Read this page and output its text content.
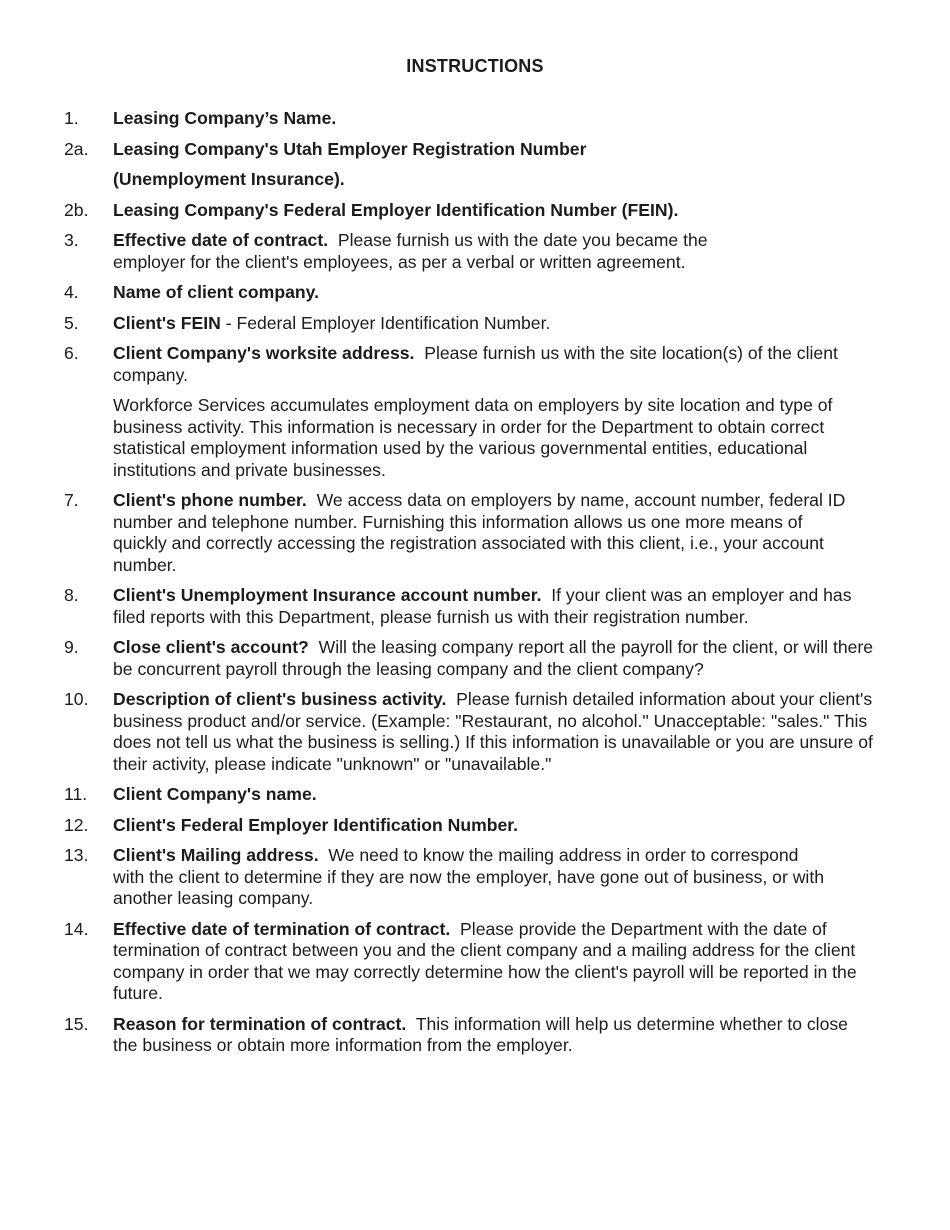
INSTRUCTIONS
1.	Leasing Company’s Name.
2a.	Leasing Company's Utah Employer Registration Number
(Unemployment Insurance).
2b.	Leasing Company's Federal Employer Identification Number (FEIN).
3.	Effective date of contract. Please furnish us with the date you became the employer for the client's employees, as per a verbal or written agreement.
4.	Name of client company.
5.	Client's FEIN - Federal Employer Identification Number.
6.	Client Company's worksite address. Please furnish us with the site location(s) of the client company.
Workforce Services accumulates employment data on employers by site location and type of business activity. This information is necessary in order for the Department to obtain correct statistical employment information used by the various governmental entities, educational institutions and private businesses.
7.	Client's phone number. We access data on employers by name, account number, federal ID number and telephone number. Furnishing this information allows us one more means of quickly and correctly accessing the registration associated with this client, i.e., your account number.
8.	Client's Unemployment Insurance account number. If your client was an employer and has filed reports with this Department, please furnish us with their registration number.
9.	Close client's account? Will the leasing company report all the payroll for the client, or will there be concurrent payroll through the leasing company and the client company?
10.	Description of client's business activity. Please furnish detailed information about your client's business product and/or service. (Example: "Restaurant, no alcohol." Unacceptable: "sales." This does not tell us what the business is selling.) If this information is unavailable or you are unsure of their activity, please indicate "unknown" or "unavailable."
11.	Client Company's name.
12.	Client's Federal Employer Identification Number.
13.	Client's Mailing address. We need to know the mailing address in order to correspond with the client to determine if they are now the employer, have gone out of business, or with another leasing company.
14.	Effective date of termination of contract. Please provide the Department with the date of termination of contract between you and the client company and a mailing address for the client company in order that we may correctly determine how the client's payroll will be reported in the future.
15.	Reason for termination of contract. This information will help us determine whether to close the business or obtain more information from the employer.
